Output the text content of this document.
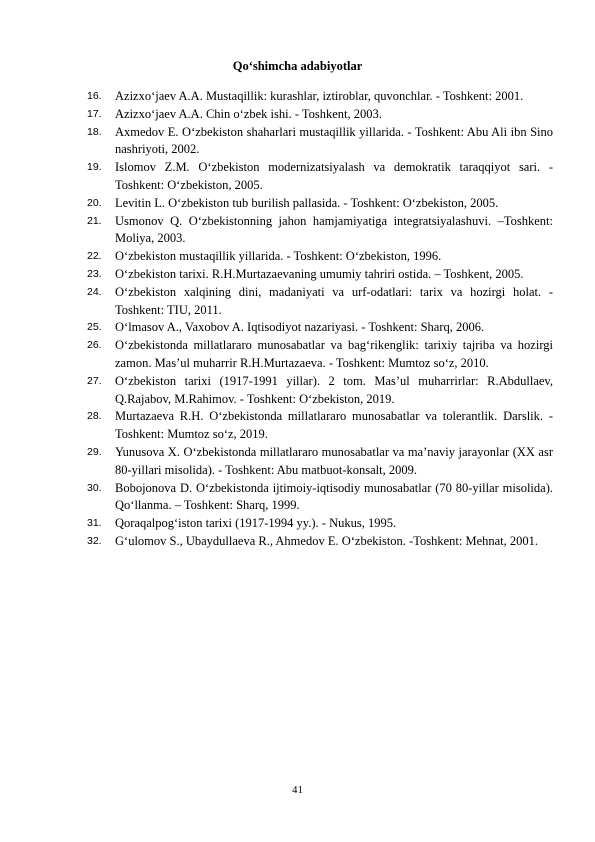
Qo‘shimcha adabiyotlar
16. Azizxo‘jaev A.A. Mustaqillik: kurashlar, iztiroblar, quvonchlar. - Toshkent: 2001.
17. Azizxo‘jaev A.A. Chin o‘zbek ishi. - Toshkent, 2003.
18. Axmedov E. O‘zbekiston shaharlari mustaqillik yillarida. - Toshkent: Abu Ali ibn Sino nashriyoti, 2002.
19. Islomov Z.M. O‘zbekiston modernizatsiyalash va demokratik taraqqiyot sari. - Toshkent: O‘zbekiston, 2005.
20. Levitin L. O‘zbekiston tub burilish pallasida. - Toshkent: O‘zbekiston, 2005.
21. Usmonov Q. O‘zbekistonning jahon hamjamiyatiga integratsiyalashuvi. –Toshkent: Moliya, 2003.
22. O‘zbekiston mustaqillik yillarida. - Toshkent: O‘zbekiston, 1996.
23. O‘zbekiston tarixi. R.H.Murtazaevaning umumiy tahriri ostida. – Toshkent, 2005.
24. O‘zbekiston xalqining dini, madaniyati va urf-odatlari: tarix va hozirgi holat. - Toshkent: TIU, 2011.
25. O‘lmasov A., Vaxobov A. Iqtisodiyot nazariyasi. - Toshkent: Sharq, 2006.
26. O‘zbekistonda millatlararo munosabatlar va bag‘rikenglik: tarixiy tajriba va hozirgi zamon. Mas’ul muharrir R.H.Murtazaeva. - Toshkent: Mumtoz so‘z, 2010.
27. O‘zbekiston tarixi (1917-1991 yillar). 2 tom. Mas’ul muharrirlar: R.Abdullaev, Q.Rajabov, M.Rahimov. - Toshkent: O‘zbekiston, 2019.
28. Murtazaeva R.H. O‘zbekistonda millatlararo munosabatlar va tolerantlik. Darslik. - Toshkent: Mumtoz so‘z, 2019.
29. Yunusova X. O‘zbekistonda millatlararo munosabatlar va ma’naviy jarayonlar (XX asr 80-yillari misolida). - Toshkent: Abu matbuot-konsalt, 2009.
30. Bobojonova D. O‘zbekistonda ijtimoiy-iqtisodiy munosabatlar (70 80-yillar misolida). Qo‘llanma. – Toshkent: Sharq, 1999.
31. Qoraqalpog‘iston tarixi (1917-1994 yy.). - Nukus, 1995.
32. G‘ulomov S., Ubaydullaeva R., Ahmedov E. O‘zbekiston. -Toshkent: Mehnat, 2001.
41
